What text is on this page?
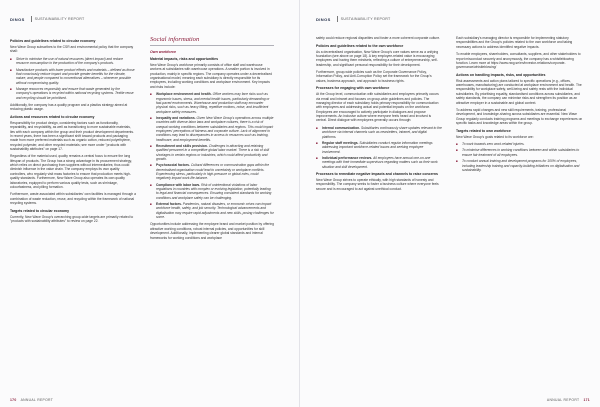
DINOS	SUSTAINABILITY REPORT	DINOS	SUSTAINABILITY REPORT
Policies and guidelines related to circular economy

New Wave Group subscribes to the CSR and environmental policy that the company shall:

■ Strive to minimise the use of natural resources (direct impact) and reduce resource consumption in the production of the company's products.
■ Manufacture products with lower product effects and materials – defined as those that consciously reduce impact and provide greater benefits for the climate, nature, and people compared to conventional alternatives – whenever possible without compromising quality.
■ Manage resources responsibly and ensure that waste generated by the company's operations is recycled within national recycling systems. Textile reuse and recycling should be prioritised.

Additionally, the company has a quality program and a plastics strategy aimed at reducing plastic usage.

Actions and resources related to circular economy

Responsibility for product design, considering factors such as functionality, reparability, and recyclability, as well as transitioning to more sustainable materials, lies with each company within the group and their product development departments. In recent years, there has been a significant shift toward products and packaging made from more preferred materials such as organic cotton, reduced polyethylene, recycled polyester, and other recycled materials; see more under "products with sustainability attributes" on page 17.

Regardless of the material used, quality remains a central focus to ensure the long lifespan of products. The Group has a strong advantage in its procurement strategy, which relies on direct purchasing from suppliers without intermediaries; thus could diminish influence in the value chain. The company employs its own quality controllers, who regularly visit mass factories to ensure that production meets high-quality standards. Furthermore, New Wave Group also operates its own quality laboratories, equipped to perform various quality tests, such as shrinkage, colourfastness, and pilling formation.

Furthermore, waste associated within subsidiaries' own facilities is managed through a combination of waste reduction, reuse, and recycling within the framework of national recycling systems.

Targets related to circular economy

Currently, New Wave Group's overarching group-wide targets are primarily related to "products with sustainability attributes" to review on page 22.

Social information
Own workforce
Material impacts, risks and opportunities

New Wave Group's workforce primarily consists of office staff and warehouse workers at subsidiaries with warehouse operations. A smaller portion is involved in production, mainly in specific regions. The company operates under a decentralised organisational model, meaning each subsidiary is directly responsible for its employees, including working conditions and workplace environment. Key impacts and risks include:

■ Workplace environment and health. Office workers may face risks such as ergonomic issues, stress, and mental health issues, particularly demanding or fast-paced environments. Warehouse and production staff may encounter physical risks, such as heavy lifting, repetitive motions, noise, and insufficient workplace safety measures.
■ Inequality and variations. Given New Wave Group's operations across multiple countries with diverse labor laws and workplace cultures, there is a risk of unequal working conditions between subsidiaries and regions. This could impact employees' perceptions of fairness and corporate culture. Lack of alignment in conditions may lead to discrepancies in access to resources such as training, healthcare, and employment benefits.
■ Recruitment and skills provision. Challenges in attracting and retaining qualified personnel in a competitive global labor market. There is a risk of skill shortages in certain regions or industries, which could affect productivity and growth.
■ Psychosocial factors. Cultural differences or communication gaps within the decentralised organisation could lead to uncertainty or workplace conflicts. Experiencing stress, particularly in high-pressure or global roles, could negatively impact work-life balance.
■ Compliance with labor laws. Risk of unintentional violations of labor regulations in countries with complex or evolving legislation, potentially leading to legal and financial consequences. Ensuring consistent standards for working conditions and workplace safety can be challenging.
■ External factors. Pandemics, natural disasters, or economic crises can impact workforce health, safety, and job security. Technological advancements and digitalisation may require rapid adjustments and new skills, posing challenges for some.

Opportunities include addressing the employee brand and market position by offering attractive working conditions, robust internal policies, and opportunities for skill development. Additionally, implementing clearer global standards and internal frameworks for working conditions and workplace

safety could reduce regional disparities and foster a more coherent corporate culture.

Policies and guidelines related to the own workforce

As a decentralised organisation, New Wave Group's core values serve as a unifying foundation (see above on page 18). A key employee-related value is encouraging employees and having them mindsets, reflecting a culture of entrepreneurship, self-leadership, and significant personal responsibility for their development.

Furthermore, group-wide policies such as the Corporate Governance Policy, Information Policy, and Anti-Corruption Policy set the framework for the Group's values, business approach, and approach to business rights.

Processes for engaging with own workforce

At the Group level, communication with subsidiaries and employees primarily occurs via email and intranet and focuses on group-wide guidelines and policies. The managing director of each subsidiary holds primary responsibility for communication with employees and addressing actual and potential impacts on the workforce. Employees are encouraged to actively participate in dialogues and propose improvements. An inclusive culture where everyone feels heard and involved is central. Direct dialogue with employees generally occurs through:

■ Internal communication. Subsidiaries continuously share updates relevant to the workforce via internal channels such as newsletters, intranet, and digital platforms.
■ Regular staff meetings. Subsidiaries conduct regular information meetings addressing important workforce-related issues and seeking employee involvement.
■ Individual performance reviews. All employees have annual one-on-one meetings with their immediate supervisors regarding matters such as their work situation and skill development.
Processes to remediate negative impacts and channels to raise concerns

New Wave Group strives to operate ethically, with high standards of honesty and responsibility. The company seeks to foster a business culture where everyone feels secure and is encouraged to act against unethical conduct.

Each subsidiary's managing director is responsible for implementing statutory responsibilities and the Group's policies related to the own workforce and taking necessary actions to address identified negative impacts.

To enable employees, shareholders, consultants, suppliers, and other stakeholders to report misconduct securely and anonymously, the company has a whistleblowing function. Learn more at https://www.nwg.se/en/investor-relations/corporate-governance/whistleblowing/

Actions on handling impacts, risks, and opportunities

Risk assessments and action plans tailored to specific operations (e.g., offices, warehouses, manufacturing) are conducted at workplace environment and health. The responsibility for workplace safety, well-being and safety rests with the individual subsidiaries. By prioritising equality, standardised conditions across subsidiaries, and safety standards, the company can minimise risks and strengthen its position as an attractive employer in a sustainable and global context.

To address rapid changes and new skill requirements, training, professional development, and knowledge-sharing across subsidiaries are essential. New Wave Group regularly conducts training programs and meetings to exchange experiences on specific tasks and knowledge areas within the group.

Targets related to own workforce

New Wave Group's goals related to its workforce are:

■ To work towards zero work-related injuries.
■ To minimise differences in working conditions between and within subsidiaries to ensure fair treatment of all employees.
■ To conduct annual training and development programs for 100% of employees, including leadership training and capacity-building initiatives on digitalisation and sustainability.
170 ANNUAL REPORT	ANNUAL REPORT 171
